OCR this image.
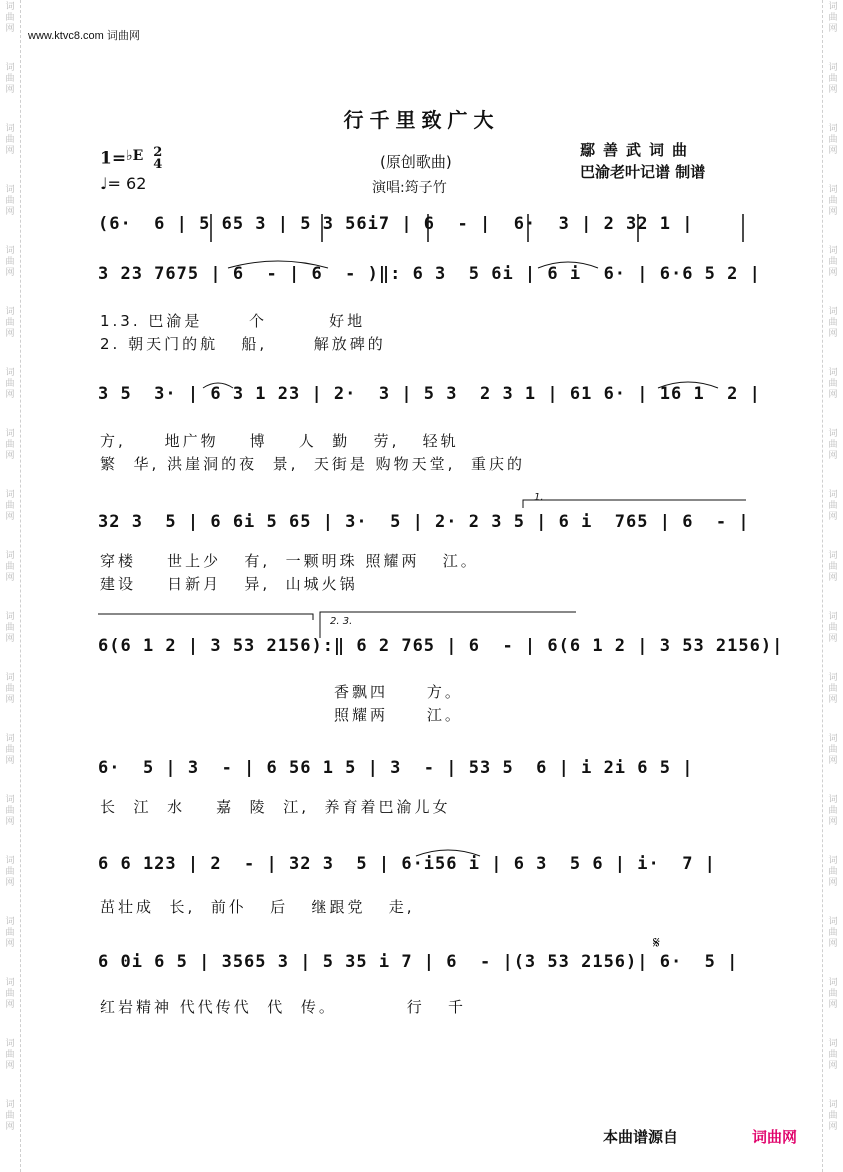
词曲网
词曲网
词曲网
词曲网
词曲网
词曲网
词曲网
词曲网
词曲网
词曲网
词曲网
词曲网
词曲网
词曲网
词曲网
词曲网
词曲网
词曲网
词曲网
词曲网
词曲网
词曲网
词曲网
词曲网
词曲网
词曲网
词曲网
词曲网
词曲网
词曲网
词曲网
词曲网
词曲网
词曲网
词曲网
词曲网
词曲网
词曲网
www.ktvc8.com 词曲网
行千里致广大
1=$^{♭E}$ 2
4
♩= 62
(原创歌曲)
演唱:筠子竹
鄢善武词曲
巴渝老叶记谱 制谱
(6·  6 | 5 65 3 | 5 3 56i7 | 6  - |  6·  3 | 2 32 1 |
3 23 7675 | 6  - | 6  - )‖: 6 3  5 6i | 6 i  6· | 6·6 5 2 |
1.3. 巴渝是      个        好地
2. 朝天门的航   船,      解放碑的
3 5  3· | 6 3 1 23 | 2·  3 | 5 3  2 3 1 | 61 6· | 16 1  2 |
方,     地广物    博    人  勤   劳,   轻轨
繁  华, 洪崖洞的夜  景,  天街是 购物天堂,  重庆的
32 3  5 | 6 6i 5 65 | 3·  5 | 2· 2 3 5 | 6 i  765 | 6  - |
1.
穿楼    世上少   有,  一颗明珠 照耀两   江。
建设    日新月   异,  山城火锅
6(6 1 2 | 3 53 2156):‖ 6 2 765 | 6  - | 6(6 1 2 | 3 53 2156)|
2. 3.
香飘四     方。
照耀两     江。
6·  5 | 3  - | 6 56 1 5 | 3  - | 53 5  6 | i 2i 6 5 |
长  江  水    嘉  陵  江,  养育着巴渝儿女
6 6 123 | 2  - | 32 3  5 | 6·i56 i | 6 3  5 6 | i·  7 |
茁壮成  长,  前仆   后   继跟党   走,
𝄋
6 0i 6 5 | 3565 3 | 5 35 i 7 | 6  - |(3 53 2156)| 6·  5 |
红岩精神 代代传代  代  传。         行   千
本曲谱源自	词曲网
